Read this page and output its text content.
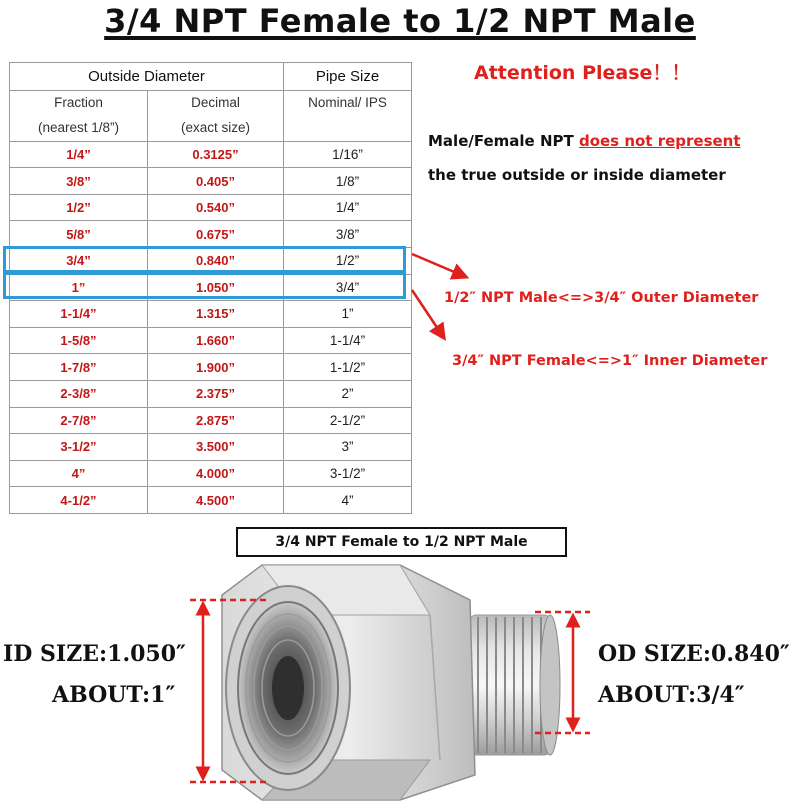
3/4 NPT Female to 1/2 NPT Male
Outside Diameter		Pipe Size
Fraction	Decimal	Nominal/ IPS
(nearest 1/8”)	(exact size)	
1/4”	0.3125”	1/16”
3/8”	0.405”	1/8”
1/2”	0.540”	1/4”
5/8”	0.675”	3/8”
3/4”	0.840”	1/2”
1”	1.050”	3/4”
1-1/4”	1.315”	1”
1-5/8”	1.660”	1-1/4”
1-7/8”	1.900”	1-1/2”
2-3/8”	2.375”	2”
2-7/8”	2.875”	2-1/2”
3-1/2”	3.500”	3”
4”	4.000”	3-1/2”
4-1/2”	4.500”	4”
Attention Please！！
Male/Female NPT does not represent
the true outside or inside diameter
1/2″ NPT Male<=>3/4″ Outer Diameter
3/4″ NPT Female<=>1″ Inner Diameter
3/4 NPT Female to 1/2 NPT Male
ID SIZE:1.050″
ABOUT:1″
OD SIZE:0.840″
ABOUT:3/4″
